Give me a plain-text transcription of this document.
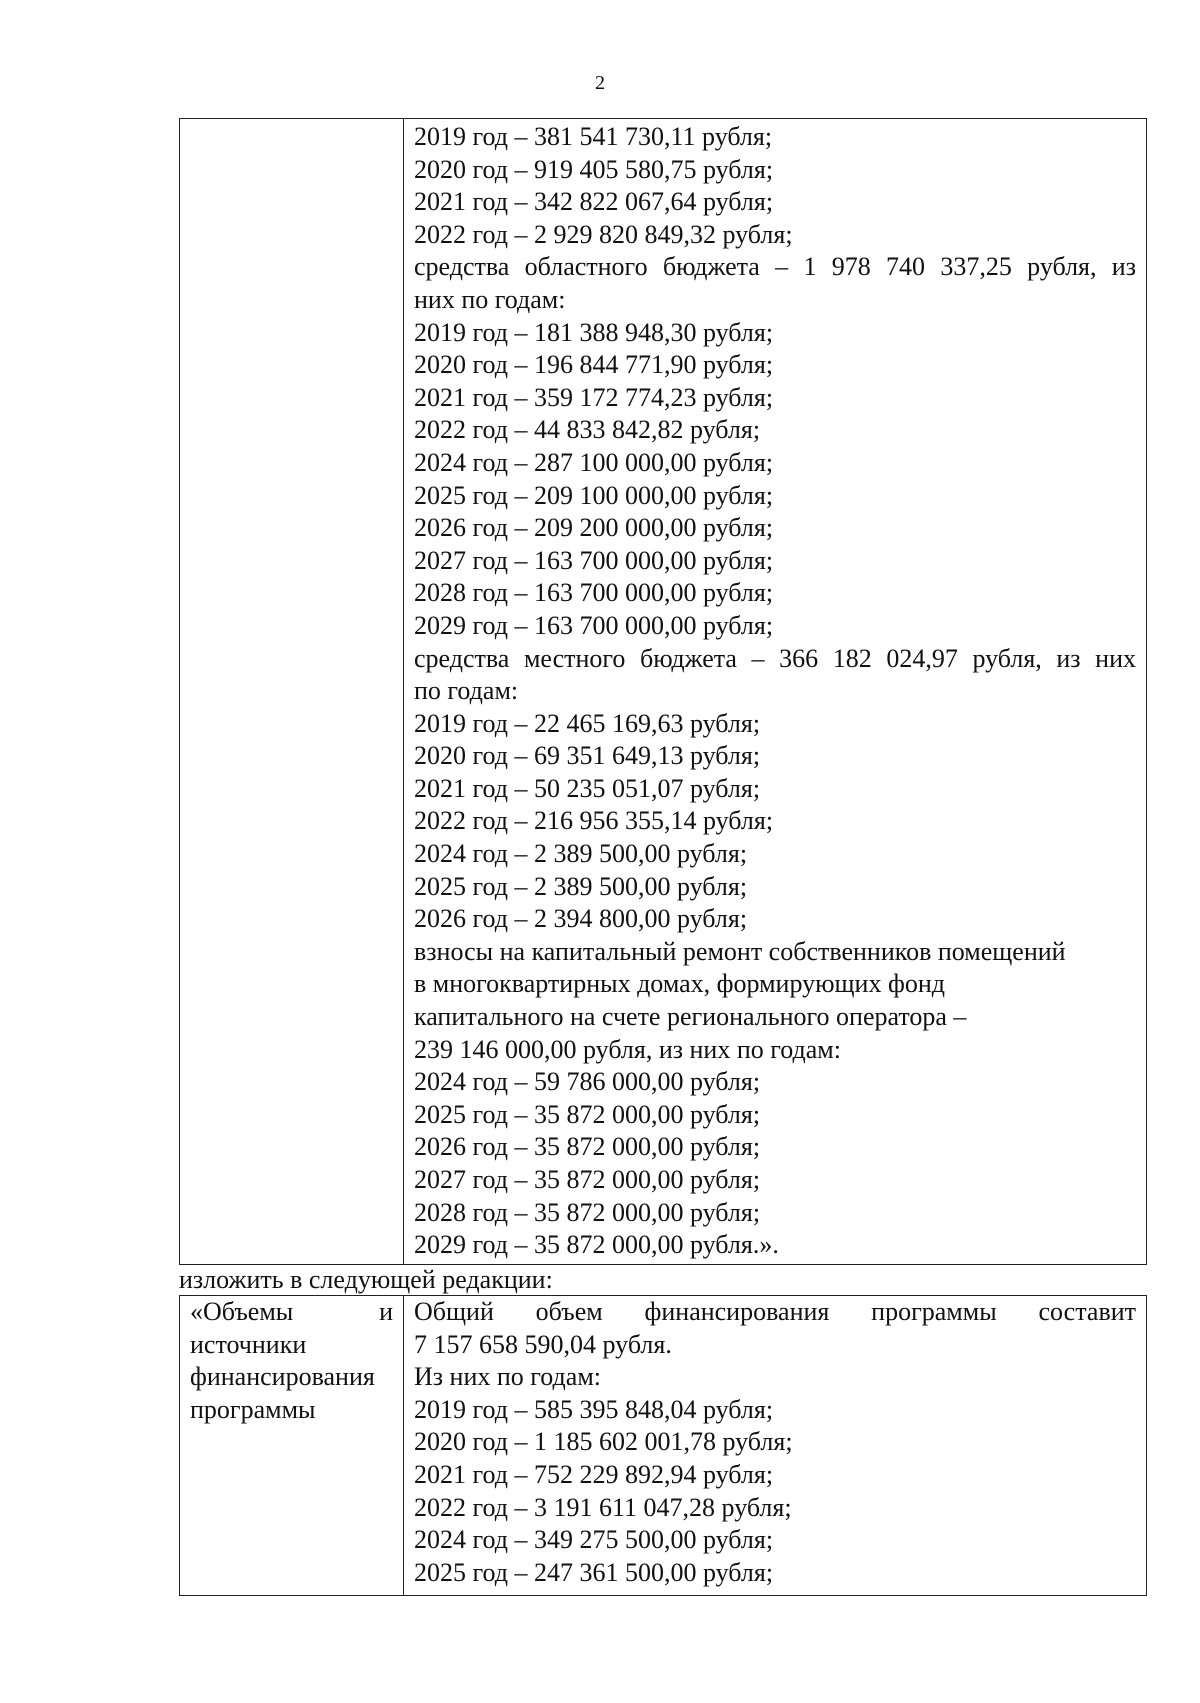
2

2019 год – 381 541 730,11 рубля;
2020 год – 919 405 580,75 рубля;
2021 год – 342 822 067,64 рубля;
2022 год – 2 929 820 849,32 рубля;
средства областного бюджета – 1 978 740 337,25 рубля, из
них по годам:
2019 год – 181 388 948,30 рубля;
2020 год – 196 844 771,90 рубля;
2021 год – 359 172 774,23 рубля;
2022 год – 44 833 842,82 рубля;
2024 год – 287 100 000,00 рубля;
2025 год – 209 100 000,00 рубля;
2026 год – 209 200 000,00 рубля;
2027 год – 163 700 000,00 рубля;
2028 год – 163 700 000,00 рубля;
2029 год – 163 700 000,00 рубля;
средства местного бюджета – 366 182 024,97 рубля, из них
по годам:
2019 год – 22 465 169,63 рубля;
2020 год – 69 351 649,13 рубля;
2021 год – 50 235 051,07 рубля;
2022 год – 216 956 355,14 рубля;
2024 год – 2 389 500,00 рубля;
2025 год – 2 389 500,00 рубля;
2026 год – 2 394 800,00 рубля;
взносы на капитальный ремонт собственников помещений
в многоквартирных домах, формирующих фонд
капитального на счете регионального оператора –
239 146 000,00 рубля, из них по годам:
2024 год – 59 786 000,00 рубля;
2025 год – 35 872 000,00 рубля;
2026 год – 35 872 000,00 рубля;
2027 год – 35 872 000,00 рубля;
2028 год – 35 872 000,00 рубля;
2029 год – 35 872 000,00 рубля.».
изложить в следующей редакции:
«Объемы	и
источники
финансирования
программы

Общий объем финансирования программы составит
7 157 658 590,04 рубля.
Из них по годам:
2019 год – 585 395 848,04 рубля;
2020 год – 1 185 602 001,78 рубля;
2021 год – 752 229 892,94 рубля;
2022 год – 3 191 611 047,28 рубля;
2024 год – 349 275 500,00 рубля;
2025 год – 247 361 500,00 рубля;
